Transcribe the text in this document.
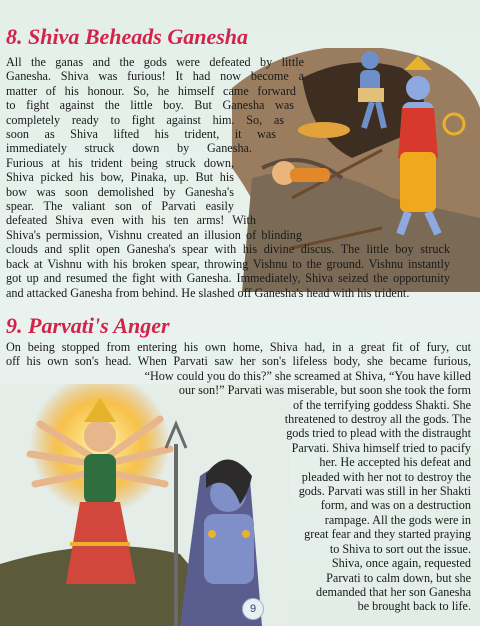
8. Shiva Beheads Ganesha
All the ganas and the gods were defeated by little
Ganesha. Shiva was furious! It had now become a
matter of his honour. So, he himself came forward
to fight against the little boy. But Ganesha was
completely ready to fight against him. So, as
soon as Shiva lifted his trident, it was
immediately struck down by Ganesha.
Furious at his trident being struck down,
Shiva picked his bow, Pinaka, up. But his
bow was soon demolished by Ganesha's
spear. The valiant son of Parvati easily
defeated Shiva even with his ten arms! With
Shiva's permission, Vishnu created an illusion of blinding
clouds and split open Ganesha's spear with his divine discus. The little boy struck
back at Vishnu with his broken spear, throwing Vishnu to the ground. Vishnu instantly
got up and resumed the fight with Ganesha. Immediately, Shiva seized the opportunity
and attacked Ganesha from behind. He slashed off Ganesha's head with his trident.
9. Parvati's Anger
On being stopped from entering his own home, Shiva had, in a great fit of fury, cut
off his own son's head. When Parvati saw her son's lifeless body, she became furious,
“How could you do this?” she screamed at Shiva, “You have killed
our son!” Parvati was miserable, but soon she took the form
of the terrifying goddess Shakti. She
threatened to destroy all the gods. The
gods tried to plead with the distraught
Parvati. Shiva himself tried to pacify
her. He accepted his defeat and
pleaded with her not to destroy the
gods. Parvati was still in her Shakti
form, and was on a destruction
rampage. All the gods were in
great fear and they started praying
to Shiva to sort out the issue.
Shiva, once again, requested
Parvati to calm down, but she
demanded that her son Ganesha
be brought back to life.
9
